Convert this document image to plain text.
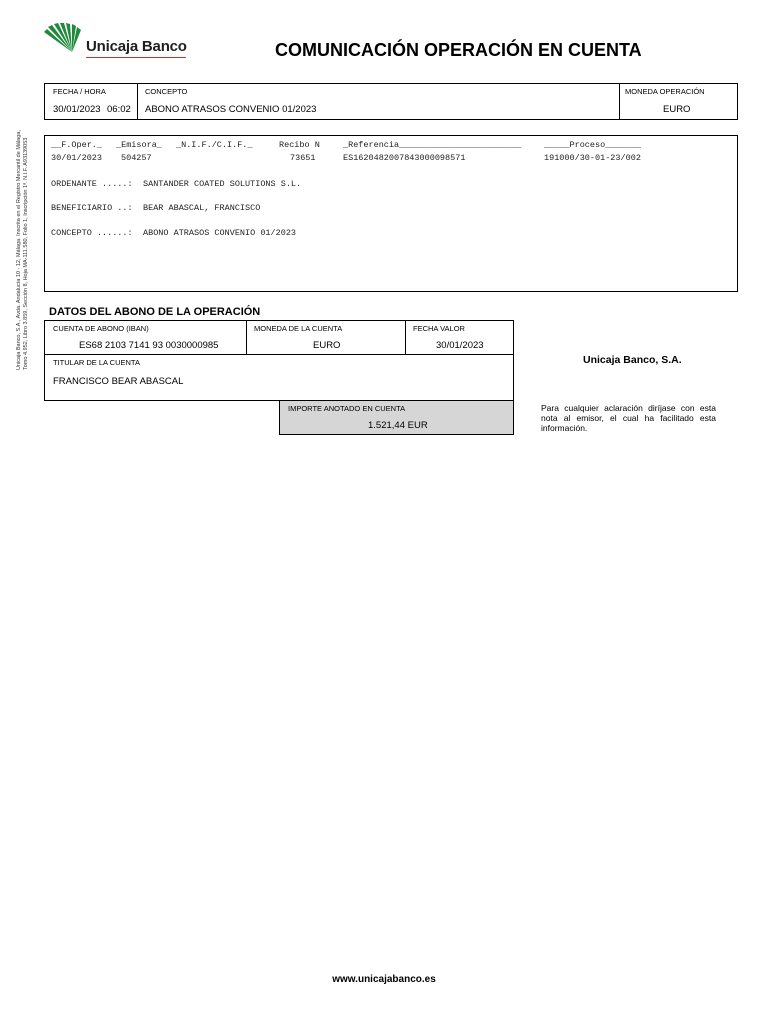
Unicaja Banco	COMUNICACIÓN OPERACIÓN EN CUENTA
FECHA / HORA
30/01/2023 06:02
CONCEPTO
ABONO ATRASOS CONVENIO 01/2023
MONEDA OPERACIÓN
EURO
__F.Oper._ _Emisora_ _N.I.F./C.I.F._	Recibo N	_Referencia________________________	_____Proceso_______
30/01/2023 504257	73651	ES1620482007843000098571	191000/30-01-23/002
ORDENANTE .....: SANTANDER COATED SOLUTIONS S.L.
BENEFICIARIO ..: BEAR ABASCAL, FRANCISCO
CONCEPTO ......: ABONO ATRASOS CONVENIO 01/2023
DATOS DEL ABONO DE LA OPERACIÓN
CUENTA DE ABONO (IBAN)
ES68 2103 7141 93 0030000985
MONEDA DE LA CUENTA
EURO
FECHA VALOR
30/01/2023
TITULAR DE LA CUENTA
FRANCISCO BEAR ABASCAL
IMPORTE ANOTADO EN CUENTA
1.521,44 EUR
Unicaja Banco, S.A.
Para cualquier aclaración diríjase con esta nota al emisor, el cual ha facilitado esta información.
Unicaja Banco, S.A., Avda. Andalucía 10 - 12, Málaga. Inscrita en el Registro Mercantil de Málaga, Tomo 4.952, Libro 3.859, Sección 8, Hoja MA-111.580, Folio 1, Inscripción 1ª. N.I.F. A93139053
www.unicajabanco.es
